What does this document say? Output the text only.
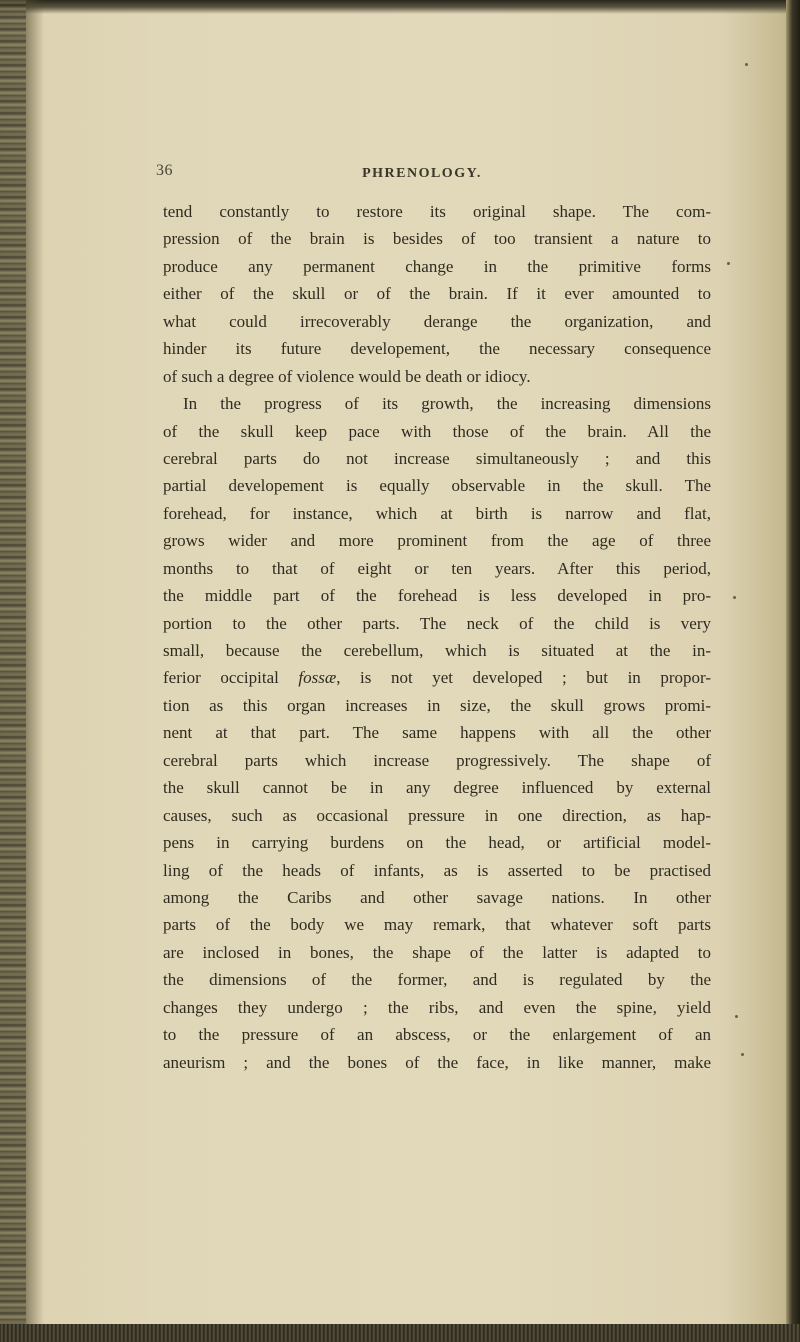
36	PHRENOLOGY.
tend constantly to restore its original shape. The com-
pression of the brain is besides of too transient a nature to
produce any permanent change in the primitive forms
either of the skull or of the brain. If it ever amounted to
what could irrecoverably derange the organization, and
hinder its future developement, the necessary consequence
of such a degree of violence would be death or idiocy.
In the progress of its growth, the increasing dimensions
of the skull keep pace with those of the brain. All the
cerebral parts do not increase simultaneously ; and this
partial developement is equally observable in the skull. The
forehead, for instance, which at birth is narrow and flat,
grows wider and more prominent from the age of three
months to that of eight or ten years. After this period,
the middle part of the forehead is less developed in pro-
portion to the other parts. The neck of the child is very
small, because the cerebellum, which is situated at the in-
ferior occipital fossæ, is not yet developed ; but in propor-
tion as this organ increases in size, the skull grows promi-
nent at that part. The same happens with all the other
cerebral parts which increase progressively. The shape of
the skull cannot be in any degree influenced by external
causes, such as occasional pressure in one direction, as hap-
pens in carrying burdens on the head, or artificial model-
ling of the heads of infants, as is asserted to be practised
among the Caribs and other savage nations. In other
parts of the body we may remark, that whatever soft parts
are inclosed in bones, the shape of the latter is adapted to
the dimensions of the former, and is regulated by the
changes they undergo ; the ribs, and even the spine, yield
to the pressure of an abscess, or the enlargement of an
aneurism ; and the bones of the face, in like manner, make
